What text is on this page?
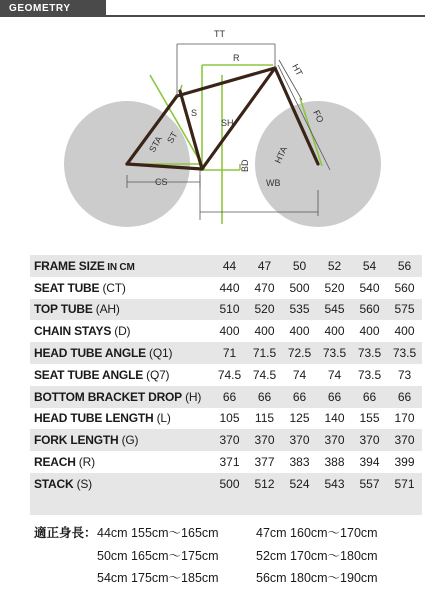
GEOMETRY
TT
R
HT
S
SH
STA ST
FO
HTA
BD
CS	WB
FRAME SIZE IN CM	44	47	50	52	54	56
SEAT TUBE (CT)	440	470	500	520	540	560
TOP TUBE (AH)	510	520	535	545	560	575
CHAIN STAYS (D)	400	400	400	400	400	400
HEAD TUBE ANGLE (Q1)	71	71.5	72.5	73.5	73.5	73.5
SEAT TUBE ANGLE (Q7)	74.5	74.5	74	74	73.5	73
BOTTOM BRACKET DROP (H)	66	66	66	66	66	66
HEAD TUBE LENGTH (L)	105	115	125	140	155	170
FORK LENGTH (G)	370	370	370	370	370	370
REACH (R)	371	377	383	388	394	399
STACK (S)	500	512	524	543	557	571
適正身長： 44cm 155cm〜165cm	47cm 160cm〜170cm
50cm 165cm〜175cm	52cm 170cm〜180cm
54cm 175cm〜185cm	56cm 180cm〜190cm
